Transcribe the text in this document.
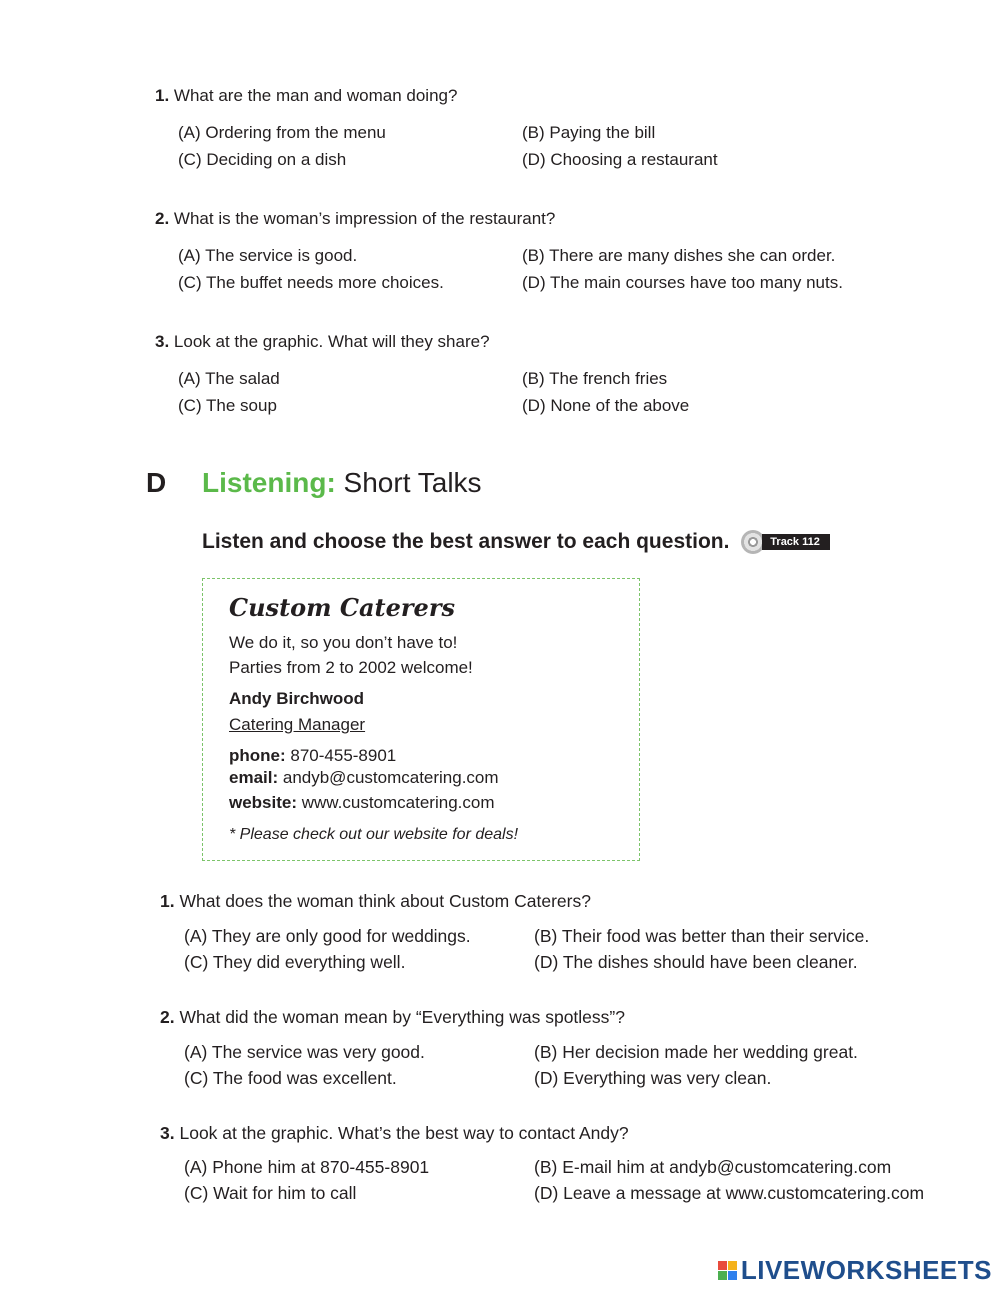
1. What are the man and woman doing?
(A) Ordering from the menu	(B) Paying the bill
(C) Deciding on a dish	(D) Choosing a restaurant
2. What is the woman’s impression of the restaurant?
(A) The service is good.	(B) There are many dishes she can order.
(C) The buffet needs more choices.	(D) The main courses have too many nuts.
3. Look at the graphic. What will they share?
(A) The salad	(B) The french fries
(C) The soup	(D) None of the above
D Listening: Short Talks
Listen and choose the best answer to each question.	Track 112
Custom Caterers
We do it, so you don’t have to!
Parties from 2 to 2002 welcome!
Andy Birchwood
Catering Manager
phone: 870-455-8901
email: andyb@customcatering.com
website: www.customcatering.com
* Please check out our website for deals!
1. What does the woman think about Custom Caterers?
(A) They are only good for weddings.	(B) Their food was better than their service.
(C) They did everything well.	(D) The dishes should have been cleaner.
2. What did the woman mean by “Everything was spotless”?
(A) The service was very good.	(B) Her decision made her wedding great.
(C) The food was excellent.	(D) Everything was very clean.
3. Look at the graphic. What’s the best way to contact Andy?
(A) Phone him at 870-455-8901	(B) E-mail him at andyb@customcatering.com
(C) Wait for him to call	(D) Leave a message at www.customcatering.com
LIVEWORKSHEETS
